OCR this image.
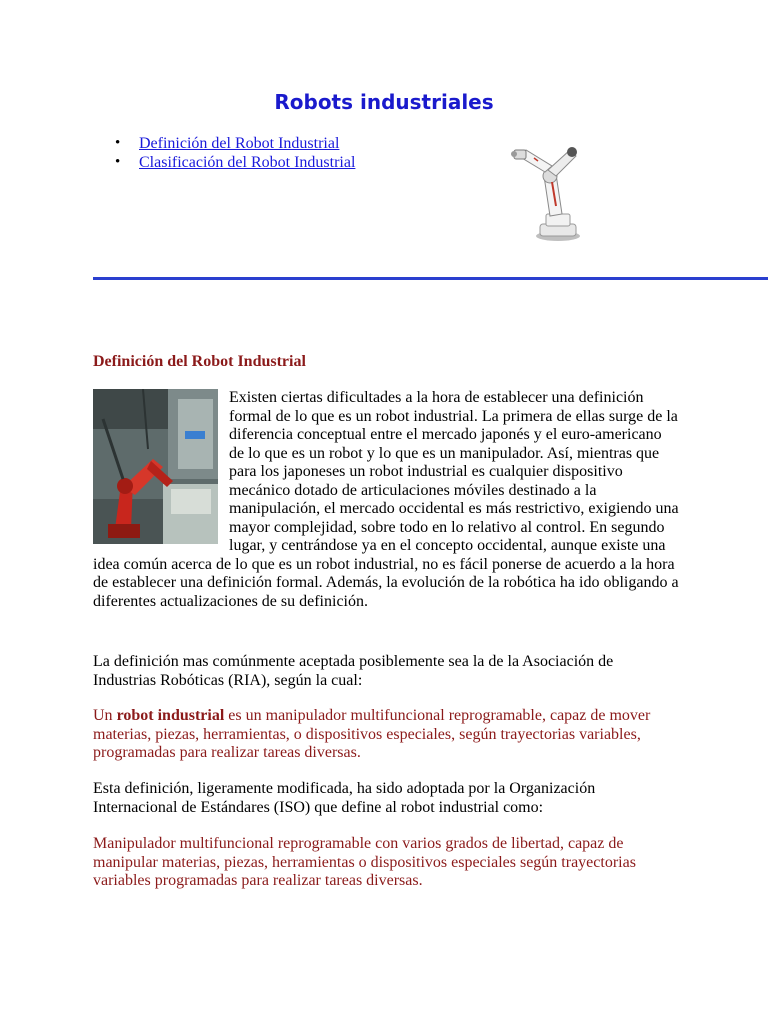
Robots industriales
• Definición del Robot Industrial
• Clasificación del Robot Industrial
Definición del Robot Industrial

Existen ciertas dificultades a la hora de establecer una definición formal de lo que es un robot industrial. La primera de ellas surge de la diferencia conceptual entre el mercado japonés y el euro-americano de lo que es un robot y lo que es un manipulador. Así, mientras que para los japoneses un robot industrial es cualquier dispositivo mecánico dotado de articulaciones móviles destinado a la manipulación, el mercado occidental es más restrictivo, exigiendo una mayor complejidad, sobre todo en lo relativo al control. En segundo lugar, y centrándose ya en el concepto occidental, aunque existe una idea común acerca de lo que es un robot industrial, no es fácil ponerse de acuerdo a la hora de establecer una definición formal. Además, la evolución de la robótica ha ido obligando a diferentes actualizaciones de su definición.

La definición mas comúnmente aceptada posiblemente sea la de la Asociación de Industrias Robóticas (RIA), según la cual:

Un robot industrial es un manipulador multifuncional reprogramable, capaz de mover materias, piezas, herramientas, o dispositivos especiales, según trayectorias variables, programadas para realizar tareas diversas.

Esta definición, ligeramente modificada, ha sido adoptada por la Organización Internacional de Estándares (ISO) que define al robot industrial como:

Manipulador multifuncional reprogramable con varios grados de libertad, capaz de manipular materias, piezas, herramientas o dispositivos especiales según trayectorias variables programadas para realizar tareas diversas.
